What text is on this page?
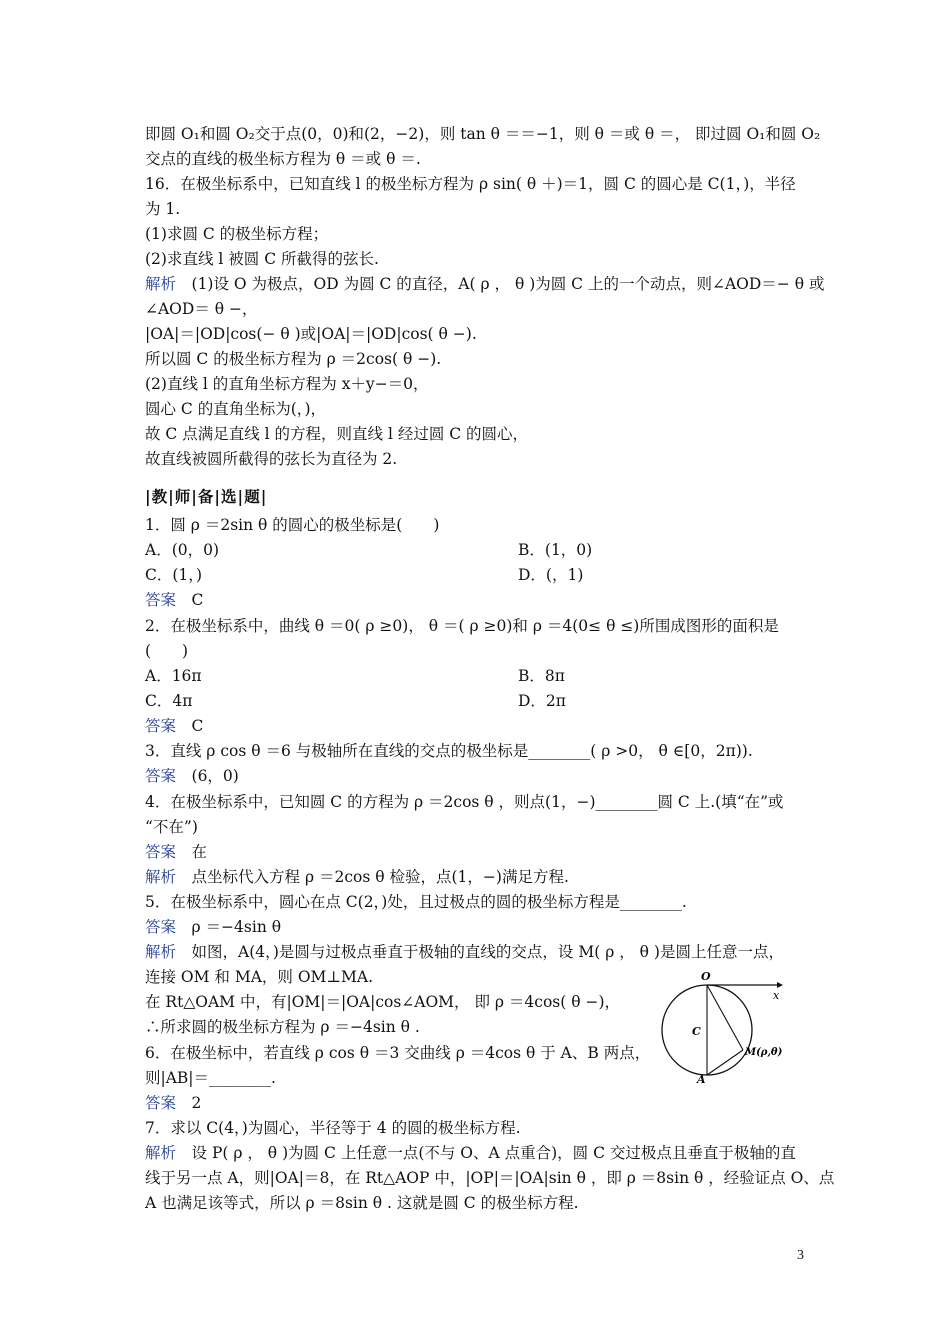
即圆 O₁和圆 O₂交于点(0，0)和(2，−2)，则 tan θ ＝＝−1，则 θ ＝或 θ ＝， 即过圆 O₁和圆 O₂
交点的直线的极坐标方程为 θ ＝或 θ ＝.
16．在极坐标系中，已知直线 l 的极坐标方程为 ρ sin( θ ＋)＝1，圆 C 的圆心是 C(1，)，半径
为 1.
(1)求圆 C 的极坐标方程；
(2)求直线 l 被圆 C 所截得的弦长.
解析　(1)设 O 为极点，OD 为圆 C 的直径，A( ρ ， θ )为圆 C 上的一个动点，则∠AOD＝− θ 或
∠AOD＝ θ −，
|OA|＝|OD|cos(− θ )或|OA|＝|OD|cos( θ −).
所以圆 C 的极坐标方程为 ρ ＝2cos( θ −).
(2)直线 l 的直角坐标方程为 x＋y−＝0，
圆心 C 的直角坐标为(，)，
故 C 点满足直线 l 的方程，则直线 l 经过圆 C 的圆心，
故直线被圆所截得的弦长为直径为 2.
|教|师|备|选|题|
1．圆 ρ ＝2sin θ 的圆心的极坐标是(　　)
A．(0，0)	B．(1，0)
C．(1，)	D．(，1)
答案　C
2．在极坐标系中，曲线 θ ＝0( ρ ≥0)， θ ＝( ρ ≥0)和 ρ ＝4(0≤ θ ≤)所围成图形的面积是
(　　)
A．16π	B．8π
C．4π	D．2π
答案　C
3．直线 ρ cos θ ＝6 与极轴所在直线的交点的极坐标是________( ρ >0， θ ∈[0，2π)).
答案　(6，0)
4．在极坐标系中，已知圆 C 的方程为 ρ ＝2cos θ ，则点(1，−)________圆 C 上.(填“在”或
“不在”)
答案　在
解析　点坐标代入方程 ρ ＝2cos θ 检验，点(1，−)满足方程.
5．在极坐标系中，圆心在点 C(2，)处，且过极点的圆的极坐标方程是________.
答案　ρ ＝−4sin θ
解析　如图，A(4，)是圆与过极点垂直于极轴的直线的交点，设 M( ρ ， θ )是圆上任意一点，
连接 OM 和 MA，则 OM⊥MA.
在 Rt△OAM 中，有|OM|＝|OA|cos∠AOM， 即 ρ ＝4cos( θ −)，
∴所求圆的极坐标方程为 ρ ＝−4sin θ .
6．在极坐标中，若直线 ρ cos θ ＝3 交曲线 ρ ＝4cos θ 于 A、B 两点，
则|AB|＝________.
答案　2
7．求以 C(4，)为圆心，半径等于 4 的圆的极坐标方程.
解析　设 P( ρ ， θ )为圆 C 上任意一点(不与 O、A 点重合)，圆 C 交过极点且垂直于极轴的直
线于另一点 A，则|OA|＝8，在 Rt△AOP 中，|OP|＝|OA|sin θ ，即 ρ ＝8sin θ ，经验证点 O、点
A 也满足该等式，所以 ρ ＝8sin θ . 这就是圆 C 的极坐标方程.
O
x
C
M(ρ,θ)
A
3
